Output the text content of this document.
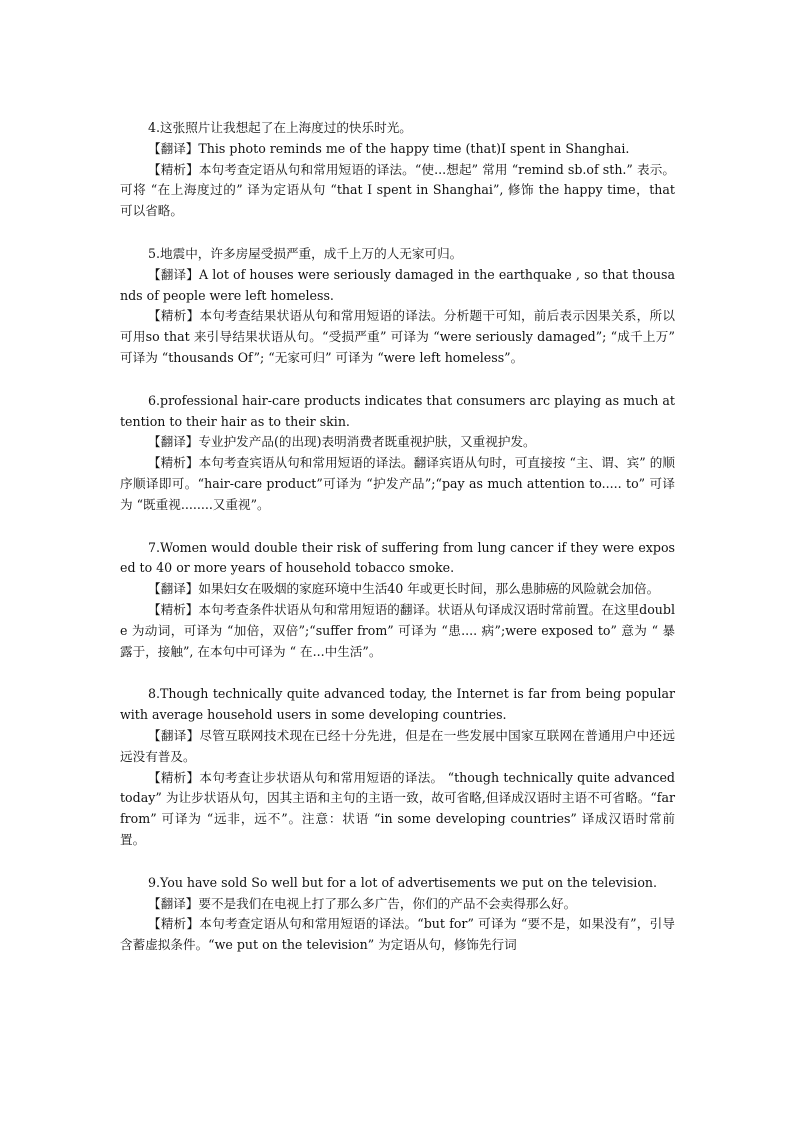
4.这张照片让我想起了在上海度过的快乐时光。

【翻译】This photo reminds me of the happy time (that)I spent in Shanghai.

【精析】本句考查定语从句和常用短语的译法。“使...想起” 常用 “remind sb.of sth.” 表示。可将 “在上海度过的” 译为定语从句 “that I spent in Shanghai”, 修饰 the happy time，that 可以省略。

5.地震中，许多房屋受损严重，成千上万的人无家可归。

【翻译】A lot of houses were seriously damaged in the earthquake , so that thousands of people were left homeless.

【精析】本句考查结果状语从句和常用短语的译法。分析题干可知，前后表示因果关系，所以可用so that 来引导结果状语从句。“受损严重” 可译为 “were seriously damaged”; “成千上万” 可译为 “thousands Of”; “无家可归” 可译为 “were left homeless”。

6.professional hair-care products indicates that consumers arc playing as much attention to their hair as to their skin.

【翻译】专业护发产品(的出现)表明消费者既重视护肤，又重视护发。

【精析】本句考查宾语从句和常用短语的译法。翻译宾语从句时，可直接按 “主、谓、宾” 的顺序顺译即可。“hair-care product”可译为 “护发产品”;“pay as much attention to..... to” 可译为 “既重视........又重视”。

7.Women would double their risk of suffering from lung cancer if they were exposed to 40 or more years of household tobacco smoke.

【翻译】如果妇女在吸烟的家庭环境中生活40 年或更长时间，那么患肺癌的风险就会加倍。

【精析】本句考查条件状语从句和常用短语的翻译。状语从句译成汉语时常前置。在这里double 为动词，可译为 “加倍，双倍”;“suffer from” 可译为 “患.... 病”;were exposed to” 意为 “ 暴露于，接触”, 在本句中可译为 “ 在...中生活”。

8.Though technically quite advanced today, the Internet is far from being popular with average household users in some developing countries.

【翻译】尽管互联网技术现在已经十分先进，但是在一些发展中国家互联网在普通用户中还远远没有普及。

【精析】本句考查让步状语从句和常用短语的译法。 “though technically quite advanced today” 为让步状语从句，因其主语和主句的主语一致，故可省略,但译成汉语时主语不可省略。“far from” 可译为 “远非，远不”。注意：状语 “in some developing countries” 译成汉语时常前置。

9.You have sold So well but for a lot of advertisements we put on the television.

【翻译】要不是我们在电视上打了那么多广告，你们的产品不会卖得那么好。

【精析】本句考查定语从句和常用短语的译法。“but for” 可译为 “要不是，如果没有”，引导含蓄虚拟条件。“we put on the television” 为定语从句，修饰先行词
